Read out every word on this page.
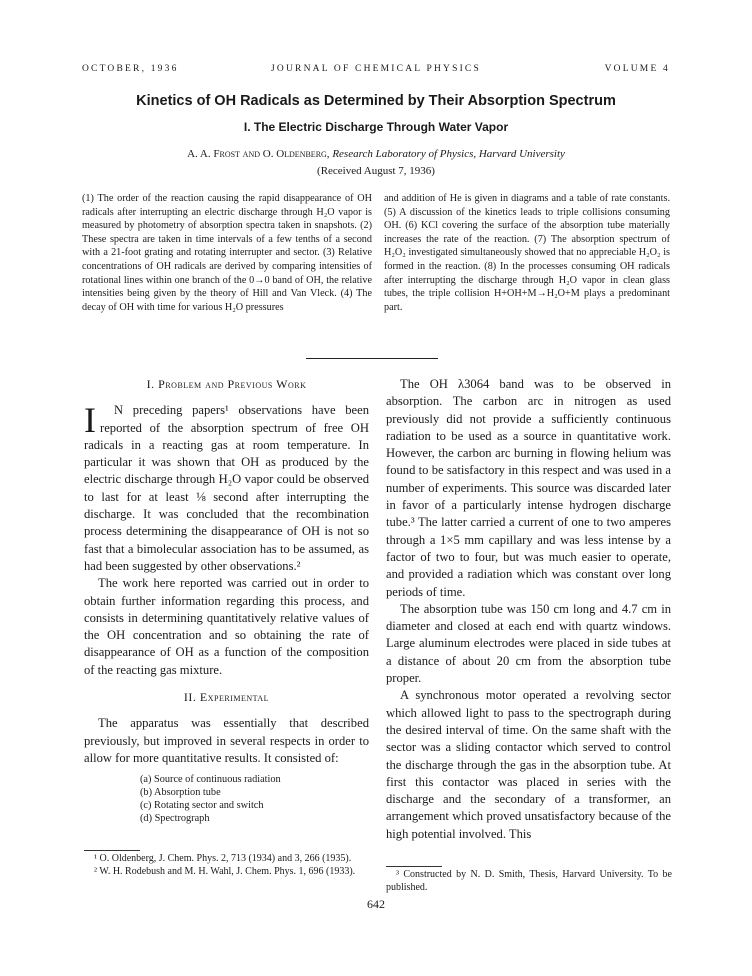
OCTOBER, 1936	JOURNAL OF CHEMICAL PHYSICS	VOLUME 4
Kinetics of OH Radicals as Determined by Their Absorption Spectrum
I. The Electric Discharge Through Water Vapor
A. A. Frost and O. Oldenberg, Research Laboratory of Physics, Harvard University
(Received August 7, 1936)
(1) The order of the reaction causing the rapid disappearance of OH radicals after interrupting an electric discharge through H₂O vapor is measured by photometry of absorption spectra taken in snapshots. (2) These spectra are taken in time intervals of a few tenths of a second with a 21-foot grating and rotating interrupter and sector. (3) Relative concentrations of OH radicals are derived by comparing intensities of rotational lines within one branch of the 0→0 band of OH, the relative intensities being given by the theory of Hill and Van Vleck. (4) The decay of OH with time for various H₂O pressures
and addition of He is given in diagrams and a table of rate constants. (5) A discussion of the kinetics leads to triple collisions consuming OH. (6) KCl covering the surface of the absorption tube materially increases the rate of the reaction. (7) The absorption spectrum of H₂O₂ investigated simultaneously showed that no appreciable H₂O₂ is formed in the reaction. (8) In the processes consuming OH radicals after interrupting the discharge through H₂O vapor in clean glass tubes, the triple collision H+OH+M→H₂O+M plays a predominant part.
I. Problem and Previous Work

I N preceding papers¹ observations have been reported of the absorption spectrum of free OH radicals in a reacting gas at room temperature. In particular it was shown that OH as produced by the electric discharge through H₂O vapor could be observed to last for at least ⅛ second after interrupting the discharge. It was concluded that the recombination process determining the disappearance of OH is not so fast that a bimolecular association has to be assumed, as had been suggested by other observations.²

The work here reported was carried out in order to obtain further information regarding this process, and consists in determining quantitatively relative values of the OH concentration and so obtaining the rate of disappearance of OH as a function of the composition of the reacting gas mixture.

II. Experimental

The apparatus was essentially that described previously, but improved in several respects in order to allow for more quantitative results. It consisted of:

(a) Source of continuous radiation
(b) Absorption tube
(c) Rotating sector and switch
(d) Spectrograph

The OH λ3064 band was to be observed in absorption. The carbon arc in nitrogen as used previously did not provide a sufficiently continuous radiation to be used as a source in quantitative work. However, the carbon arc burning in flowing helium was found to be satisfactory in this respect and was used in a number of experiments. This source was discarded later in favor of a particularly intense hydrogen discharge tube.³ The latter carried a current of one to two amperes through a 1×5 mm capillary and was less intense by a factor of two to four, but was much easier to operate, and provided a radiation which was constant over long periods of time.

The absorption tube was 150 cm long and 4.7 cm in diameter and closed at each end with quartz windows. Large aluminum electrodes were placed in side tubes at a distance of about 20 cm from the absorption tube proper.

A synchronous motor operated a revolving sector which allowed light to pass to the spectrograph during the desired interval of time. On the same shaft with the sector was a sliding contactor which served to control the discharge through the gas in the absorption tube. At first this contactor was placed in series with the discharge and the secondary of a transformer, an arrangement which proved unsatisfactory because of the high potential involved. This

¹ O. Oldenberg, J. Chem. Phys. 2, 713 (1934) and 3, 266 (1935).

² W. H. Rodebush and M. H. Wahl, J. Chem. Phys. 1, 696 (1933).	³ Constructed by N. D. Smith, Thesis, Harvard University. To be published.

642
